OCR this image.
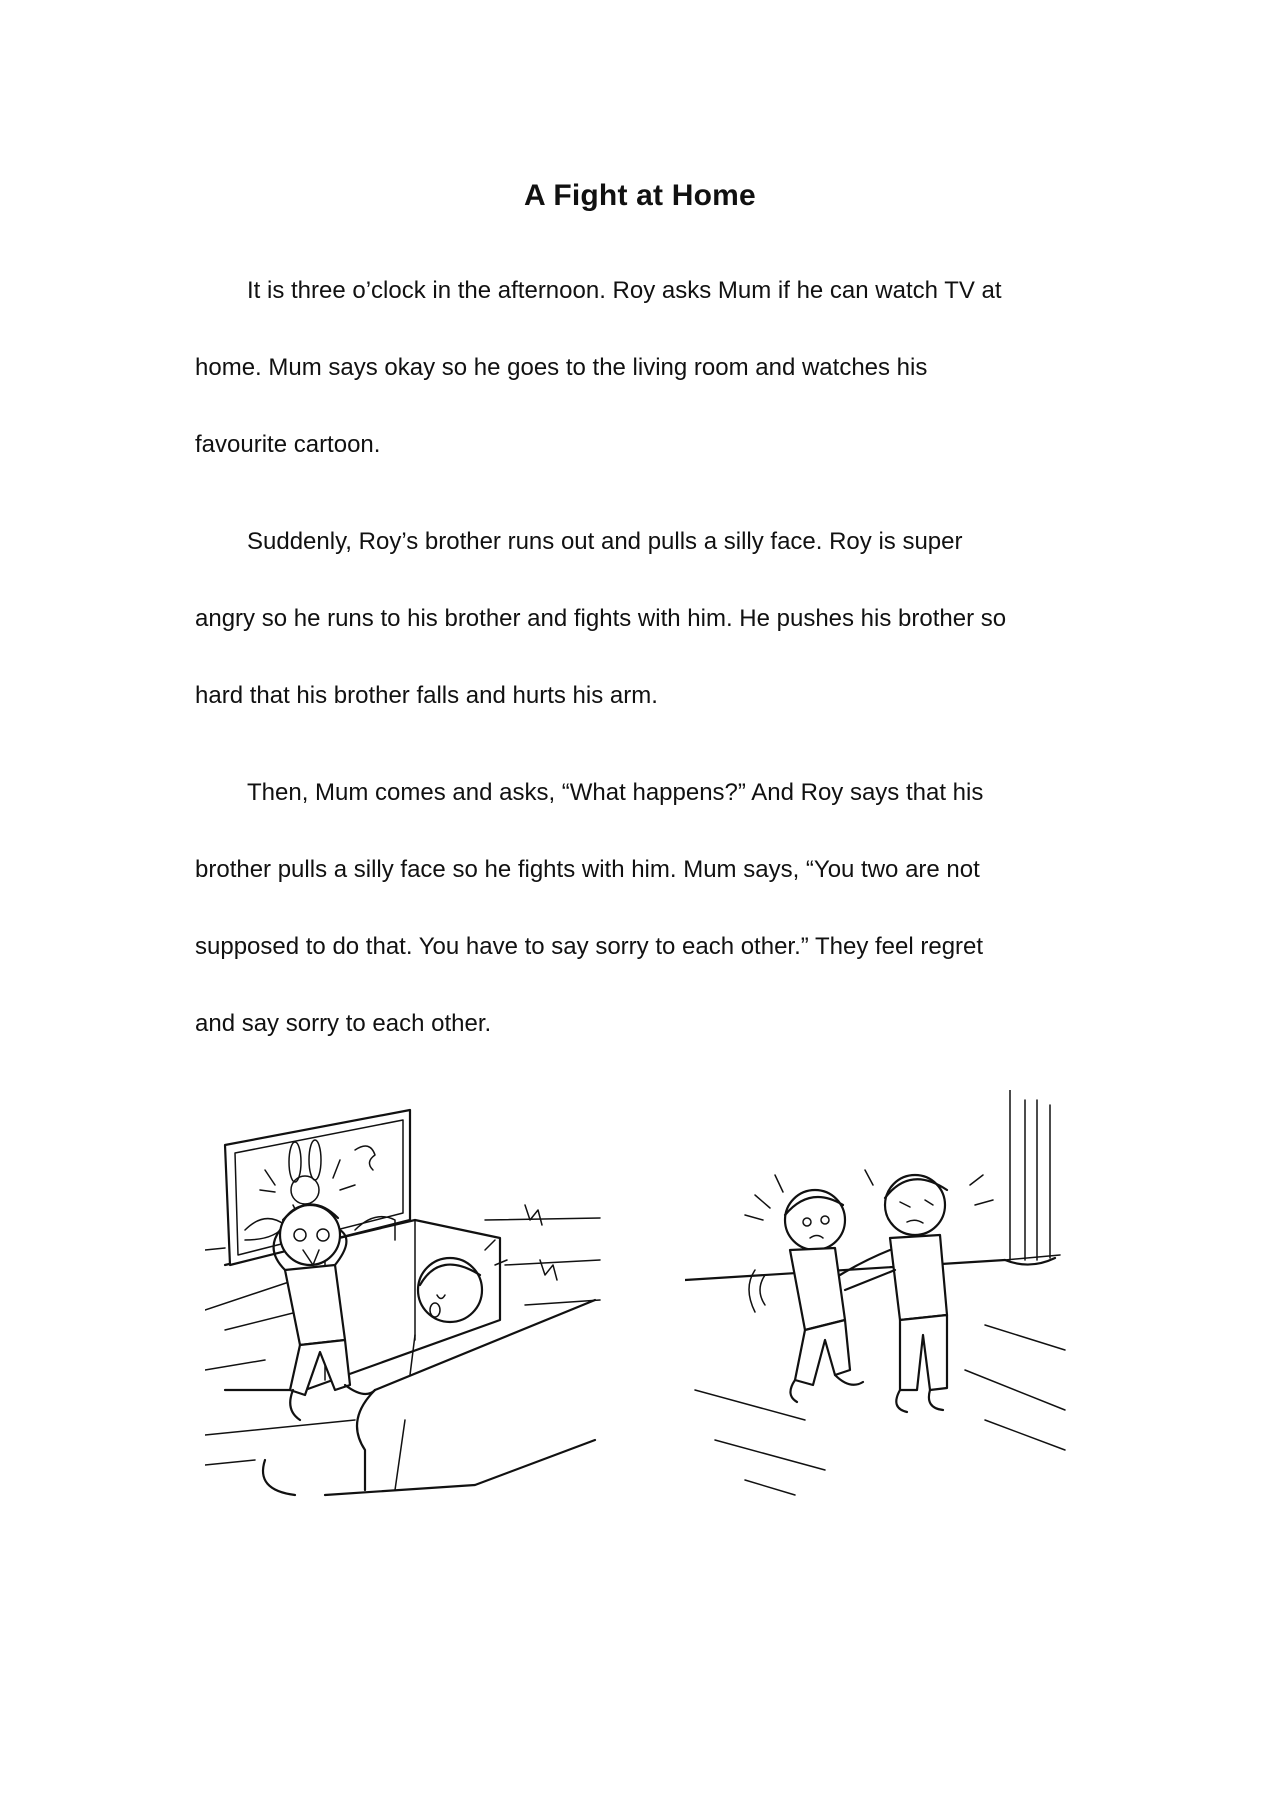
A Fight at Home
It is three o’clock in the afternoon. Roy asks Mum if he can watch TV at
home. Mum says okay so he goes to the living room and watches his
favourite cartoon.
Suddenly, Roy’s brother runs out and pulls a silly face. Roy is super
angry so he runs to his brother and fights with him. He pushes his brother so
hard that his brother falls and hurts his arm.
Then, Mum comes and asks, “What happens?” And Roy says that his
brother pulls a silly face so he fights with him. Mum says, “You two are not
supposed to do that. You have to say sorry to each other.” They feel regret
and say sorry to each other.
